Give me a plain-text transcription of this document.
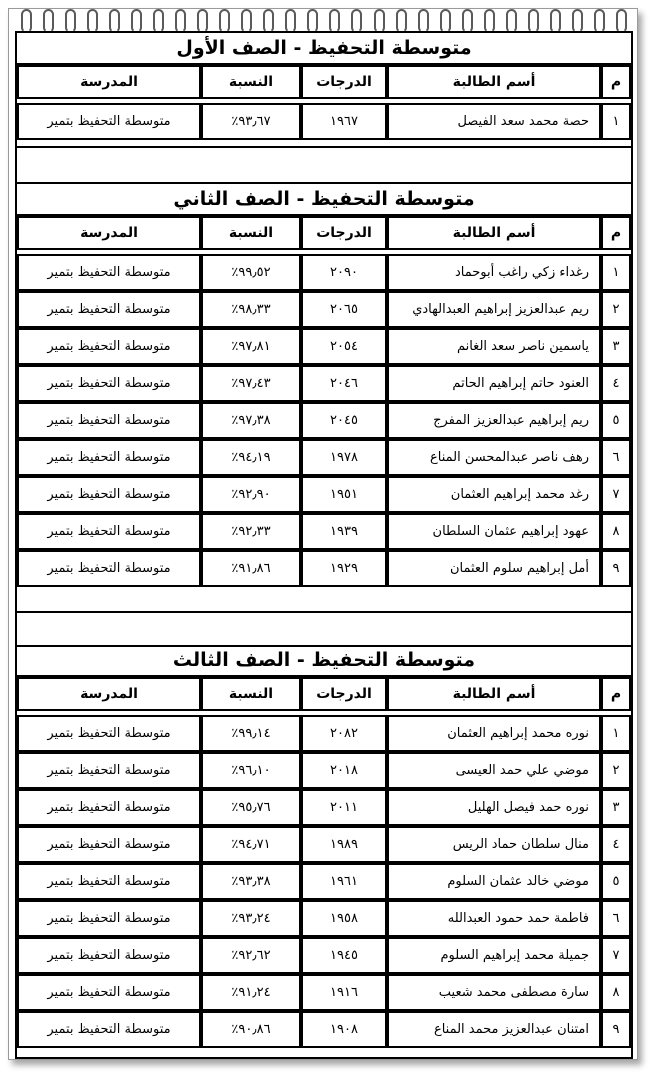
متوسطة التحفيظ - الصف الأول
م	أسم الطالبة	الدرجات	النسبة	المدرسة

١	حصة محمد سعد الفيصل	١٩٦٧	٪٩٣٫٦٧	متوسطة التحفيظ بتمير
متوسطة التحفيظ - الصف الثاني
م	أسم الطالبة	الدرجات	النسبة	المدرسة

١	رغداء زكي راغب أبوحماد	٢٠٩٠	٪٩٩٫٥٢	متوسطة التحفيظ بتمير
٢	ريم عبدالعزيز إبراهيم العبدالهادي	٢٠٦٥	٪٩٨٫٣٣	متوسطة التحفيظ بتمير
٣	ياسمين ناصر سعد الغانم	٢٠٥٤	٪٩٧٫٨١	متوسطة التحفيظ بتمير
٤	العنود حاتم إبراهيم الحاتم	٢٠٤٦	٪٩٧٫٤٣	متوسطة التحفيظ بتمير
٥	ريم إبراهيم عبدالعزيز المفرج	٢٠٤٥	٪٩٧٫٣٨	متوسطة التحفيظ بتمير
٦	رهف ناصر عبدالمحسن المناع	١٩٧٨	٪٩٤٫١٩	متوسطة التحفيظ بتمير
٧	رغد محمد إبراهيم العثمان	١٩٥١	٪٩٢٫٩٠	متوسطة التحفيظ بتمير
٨	عهود إبراهيم عثمان السلطان	١٩٣٩	٪٩٢٫٣٣	متوسطة التحفيظ بتمير
٩	أمل إبراهيم سلوم العثمان	١٩٢٩	٪٩١٫٨٦	متوسطة التحفيظ بتمير
متوسطة التحفيظ - الصف الثالث
م	أسم الطالبة	الدرجات	النسبة	المدرسة

١	نوره محمد إبراهيم العثمان	٢٠٨٢	٪٩٩٫١٤	متوسطة التحفيظ بتمير
٢	موضي علي حمد العيسى	٢٠١٨	٪٩٦٫١٠	متوسطة التحفيظ بتمير
٣	نوره حمد فيصل الهليل	٢٠١١	٪٩٥٫٧٦	متوسطة التحفيظ بتمير
٤	منال سلطان حماد الريس	١٩٨٩	٪٩٤٫٧١	متوسطة التحفيظ بتمير
٥	موضي خالد عثمان السلوم	١٩٦١	٪٩٣٫٣٨	متوسطة التحفيظ بتمير
٦	فاطمة حمد حمود العبدالله	١٩٥٨	٪٩٣٫٢٤	متوسطة التحفيظ بتمير
٧	جميلة محمد إبراهيم السلوم	١٩٤٥	٪٩٢٫٦٢	متوسطة التحفيظ بتمير
٨	سارة مصطفى محمد شعيب	١٩١٦	٪٩١٫٢٤	متوسطة التحفيظ بتمير
٩	امتنان عبدالعزيز محمد المناع	١٩٠٨	٪٩٠٫٨٦	متوسطة التحفيظ بتمير
